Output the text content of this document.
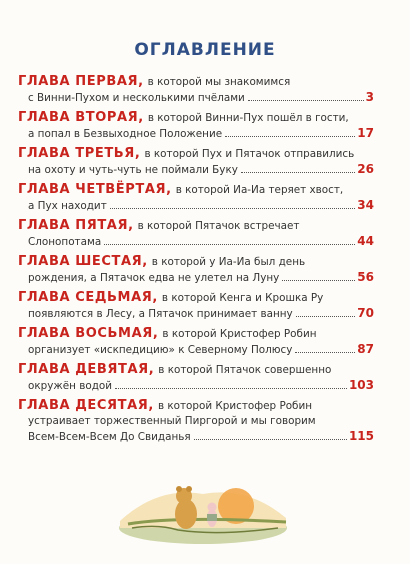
ОГЛАВЛЕНИЕ
ГЛАВА ПЕРВАЯ, в которой мы знакомимся
с Винни-Пухом и несколькими пчёлами	3
ГЛАВА ВТОРАЯ, в которой Винни-Пух пошёл в гости,
а попал в Безвыходное Положение	17
ГЛАВА ТРЕТЬЯ, в которой Пух и Пятачок отправились
на охоту и чуть-чуть не поймали Буку	26
ГЛАВА ЧЕТВЁРТАЯ, в которой Иа-Иа теряет хвост,
а Пух находит	34
ГЛАВА ПЯТАЯ, в которой Пятачок встречает
Слонопотама	44
ГЛАВА ШЕСТАЯ, в которой у Иа-Иа был день
рождения, а Пятачок едва не улетел на Луну	56
ГЛАВА СЕДЬМАЯ, в которой Кенга и Крошка Ру
появляются в Лесу, а Пятачок принимает ванну	70
ГЛАВА ВОСЬМАЯ, в которой Кристофер Робин
организует «искпедицию» к Северному Полюсу	87
ГЛАВА ДЕВЯТАЯ, в которой Пятачок совершенно
окружён водой	103
ГЛАВА ДЕСЯТАЯ, в которой Кристофер Робин
устраивает торжественный Пиргорой и мы говорим
Всем-Всем-Всем До Свиданья	115
